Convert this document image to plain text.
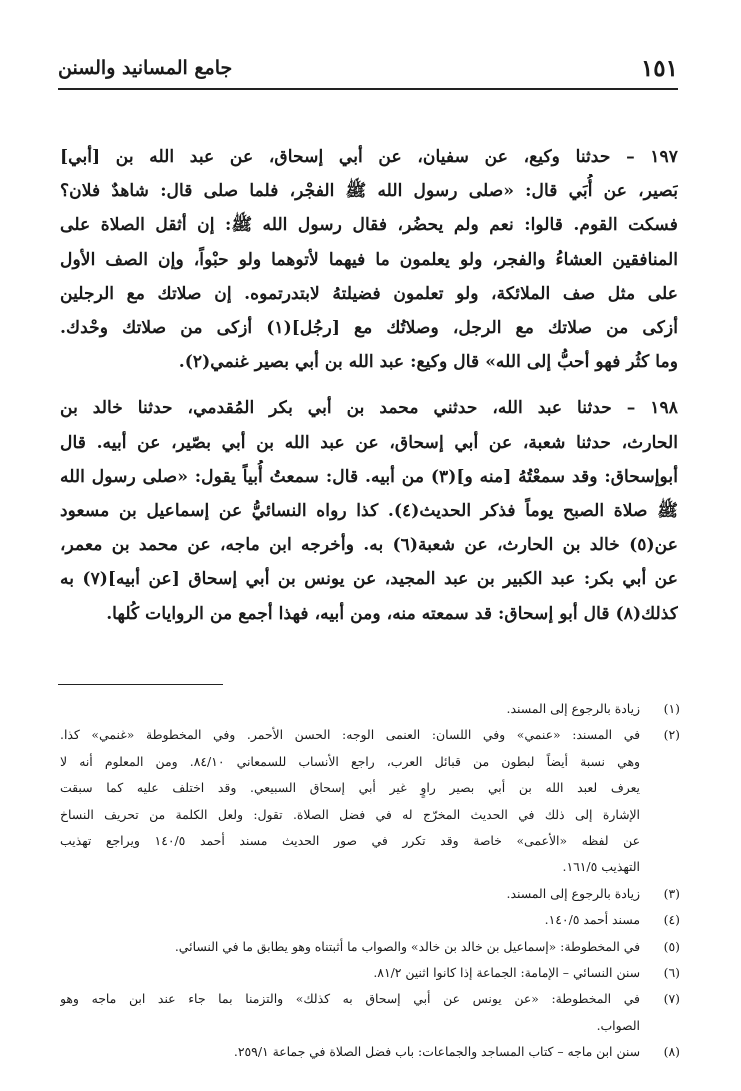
١٥١
جامع المسانيد والسنن
١٩٧ – حدثنا وكيع، عن سفيان، عن أبي إسحاق، عن عبد الله بن [أبي]
بَصير، عن أُبَي قال: «صلى رسول الله ﷺ الفجْر، فلما صلى قال: شاهدٌ فلان؟
فسكت القوم. قالوا: نعم ولم يحضُر، فقال رسول الله ﷺ: إن أثقل الصلاة على
المنافقين العشاءُ والفجر، ولو يعلمون ما فيهما لأتوهما ولو حبْواً، وإن الصف الأول
على مثل صف الملائكة، ولو تعلمون فضيلتهُ لابتدرتموه. إن صلاتك مع الرجلين
أزكى من صلاتك مع الرجل، وصلاتُك مع [رجُل](١) أزكى من صلاتك وحْدك.
وما كثُر فهو أحبُّ إلى الله» قال وكيع: عبد الله بن أبي بصير غنمي(٢).
١٩٨ – حدثنا عبد الله، حدثني محمد بن أبي بكر المُقدمي، حدثنا خالد بن
الحارث، حدثنا شعبة، عن أبي إسحاق، عن عبد الله بن أبي بصّير، عن أبيه. قال
أبوإسحاق: وقد سمعْتُهُ [منه و](٣) من أبيه. قال: سمعتُ أُبياً يقول: «صلى رسول الله
ﷺ صلاة الصبح يوماً فذكر الحديث(٤). كذا رواه النسائيُّ عن إسماعيل بن مسعود
عن(٥) خالد بن الحارث، عن شعبة(٦) به. وأخرجه ابن ماجه، عن محمد بن معمر،
عن أبي بكر: عبد الكبير بن عبد المجيد، عن يونس بن أبي إسحاق [عن أبيه](٧) به
كذلك(٨) قال أبو إسحاق: قد سمعته منه، ومن أبيه، فهذا أجمع من الروايات كُلها.
(١)
زيادة بالرجوع إلى المسند.
(٢)
في المسند: «عنمي» وفي اللسان: العنمى الوجه: الحسن الأحمر. وفي المخطوطة «غنمي» كذا.
وهي نسبة أيضاً لبطون من قبائل العرب، راجع الأنساب للسمعاني ٨٤/١٠. ومن المعلوم أنه لا
يعرف لعبد الله بن أبي بصير راوٍ غير أبي إسحاق السبيعي. وقد اختلف عليه كما سبقت
الإشارة إلى ذلك في الحديث المخرّج له في فضل الصلاة. تقول: ولعل الكلمة من تحريف النساخ
عن لفظه «الأعمى» خاصة وقد تكرر في صور الحديث مسند أحمد ١٤٠/٥ ويراجع تهذيب
التهذيب ١٦١/٥.
(٣)
زيادة بالرجوع إلى المسند.
(٤)
مسند أحمد ١٤٠/٥.
(٥)
في المخطوطة: «إسماعيل بن خالد بن خالد» والصواب ما أثبتناه وهو يطابق ما في النسائي.
(٦)
سنن النسائي – الإمامة: الجماعة إذا كانوا اثنين ٨١/٢.
(٧)
في المخطوطة: «عن يونس عن أبي إسحاق به كذلك» والتزمنا بما جاء عند ابن ماجه وهو
الصواب.
(٨)
سنن ابن ماجه – كتاب المساجد والجماعات: باب فضل الصلاة في جماعة ٢٥٩/١.
